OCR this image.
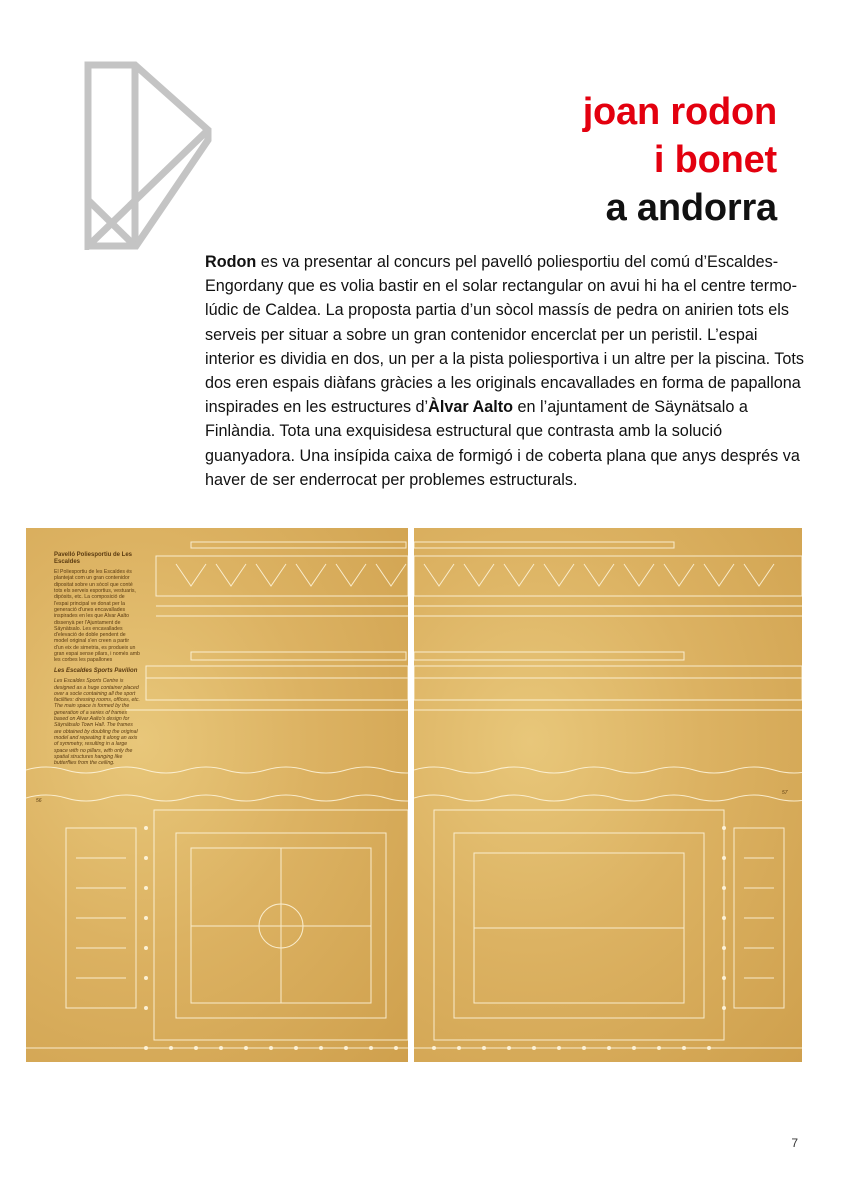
joan rodon
i bonet
a andorra

Rodon es va presentar al concurs pel pavelló poliesportiu del comú d’Escaldes-Engordany que es volia bastir en el solar rectangular on avui hi ha el centre termo-lúdic de Caldea. La proposta partia d’un sòcol massís de pedra on anirien tots els serveis per situar a sobre un gran contenidor encerclat per un peristil. L’espai interior es dividia en dos, un per a la pista poliesportiva i un altre per la piscina. Tots dos eren espais diàfans gràcies a les originals encavallades en forma de papallona inspirades en les estructures d’Àlvar Aalto en l’ajuntament de Säynätsalo a Finlàndia. Tota una exquisidesa estructural que contrasta amb la solució guanyadora. Una insípida caixa de formigó i de coberta plana que anys després va haver de ser enderrocat per problemes estructurals.

Pavelló Poliesportiu de Les Escaldes

El Poliesportiu de les Escaldes és plantejat com un gran contenidor dipositat sobre un sòcol que conté tots els serveis esportius, vestuaris, dipòsits, etc. La composició de l'espai principal ve donat per la generació d'unes encavallades inspirades en les que Alvar Aalto dissenyà per l'Ajuntament de Säynätsalo. Les encavallades d'elevació de doble pendent de model original s'en creen a partir d'un eix de simetria, es produeix un gran espai sense pilars, i només amb les corbes les papallones

Les Escaldes Sports Pavilion

Les Escaldes Sports Centre is designed as a huge container placed over a socle containing all the sport facilities: dressing rooms, offices, etc. The main space is formed by the generation of a series of frames based on Alvar Aalto's design for Säynätsalo Town Hall. The frames are obtained by doubling the original model and repeating it along an axis of symmetry, resulting in a large space with no pillars, with only the spatial structures hanging like butterflies from the ceiling.

56
57
7
